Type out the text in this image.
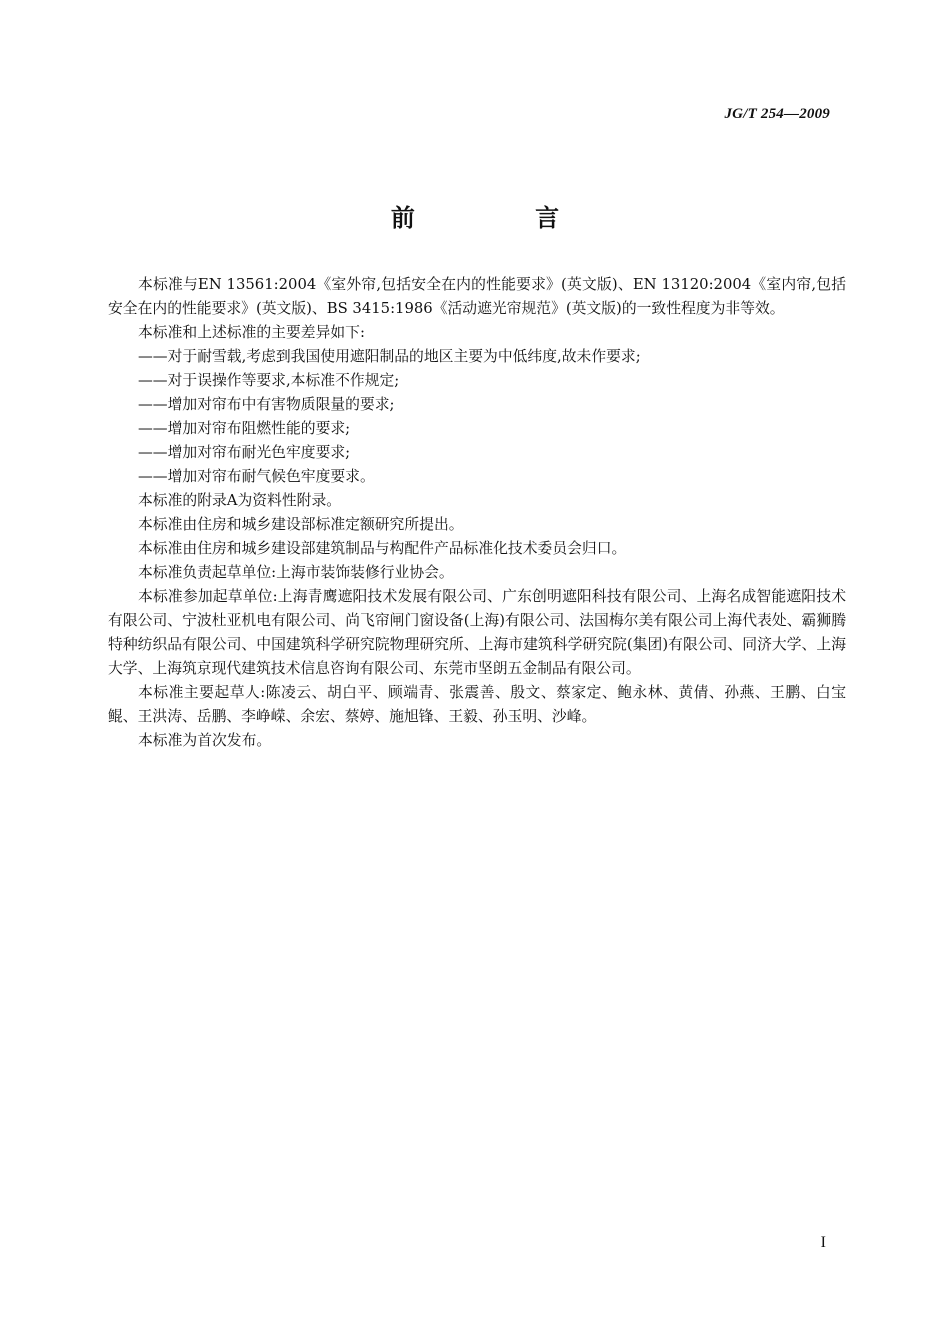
JG/T 254—2009
前 言

本标准与EN 13561:2004《室外帘,包括安全在内的性能要求》(英文版)、EN 13120:2004《室内帘,包括安全在内的性能要求》(英文版)、BS 3415:1986《活动遮光帘规范》(英文版)的一致性程度为非等效。

本标准和上述标准的主要差异如下:

——对于耐雪载,考虑到我国使用遮阳制品的地区主要为中低纬度,故未作要求;

——对于误操作等要求,本标准不作规定;

——增加对帘布中有害物质限量的要求;

——增加对帘布阻燃性能的要求;

——增加对帘布耐光色牢度要求;

——增加对帘布耐气候色牢度要求。

本标准的附录A为资料性附录。

本标准由住房和城乡建设部标准定额研究所提出。

本标准由住房和城乡建设部建筑制品与构配件产品标准化技术委员会归口。

本标准负责起草单位:上海市装饰装修行业协会。

本标准参加起草单位:上海青鹰遮阳技术发展有限公司、广东创明遮阳科技有限公司、上海名成智能遮阳技术有限公司、宁波杜亚机电有限公司、尚飞帘闸门窗设备(上海)有限公司、法国梅尔美有限公司上海代表处、霸狮腾特种纺织品有限公司、中国建筑科学研究院物理研究所、上海市建筑科学研究院(集团)有限公司、同济大学、上海大学、上海筑京现代建筑技术信息咨询有限公司、东莞市坚朗五金制品有限公司。

本标准主要起草人:陈凌云、胡白平、顾端青、张震善、殷文、蔡家定、鲍永林、黄倩、孙燕、王鹏、白宝鲲、王洪涛、岳鹏、李峥嵘、余宏、蔡婷、施旭锋、王毅、孙玉明、沙峰。

本标准为首次发布。

I
